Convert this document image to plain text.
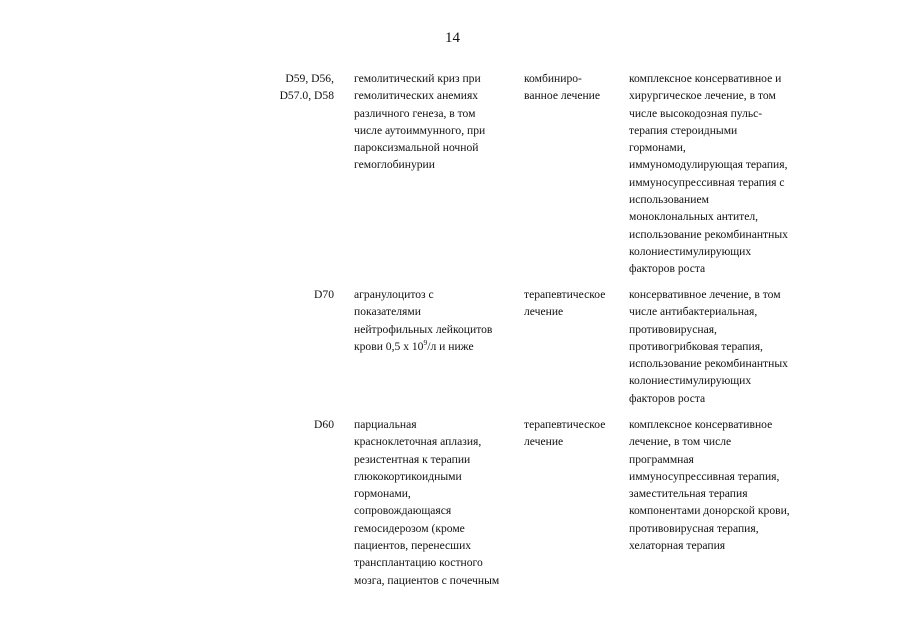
14
D59, D56,
D57.0, D58
гемолитический криз при
гемолитических анемиях
различного генеза, в том
числе аутоиммунного, при
пароксизмальной ночной
гемоглобинурии
комбиниро-
ванное лечение
комплексное консервативное и
хирургическое лечение, в том
числе высокодозная пульс-
терапия стероидными
гормонами,
иммуномодулирующая терапия,
иммуносупрессивная терапия с
использованием
моноклональных антител,
использование рекомбинантных
колониестимулирующих
факторов роста
D70 агранулоцитоз с
показателями
нейтрофильных лейкоцитов
крови 0,5 х $10^9/л$ и ниже
терапевтическое
лечение
консервативное лечение, в том
числе антибактериальная,
противовирусная,
противогрибковая терапия,
использование рекомбинантных
колониестимулирующих
факторов роста
D60 парциальная
красноклеточная аплазия,
резистентная к терапии
глюкокортикоидными
гормонами,
сопровождающаяся
гемосидерозом (кроме
пациентов, перенесших
трансплантацию костного
мозга, пациентов с почечным
терапевтическое
лечение
комплексное консервативное
лечение, в том числе
программная
иммуносупрессивная терапия,
заместительная терапия
компонентами донорской крови,
противовирусная терапия,
хелаторная терапия
